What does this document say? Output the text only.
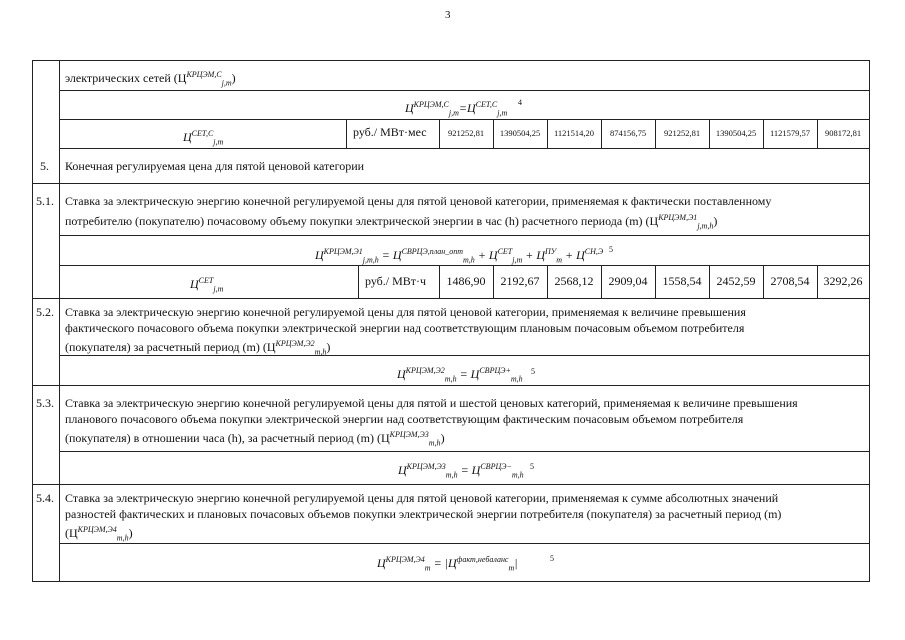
3
электрических сетей $(Ц^{КРЦЭМ,С}_{j,m})$
$Ц^{КРЦЭМ,С}_{j,m}=Ц^{СЕТ,С}_{j,m}$
4
$Ц^{СЕТ,С}_{j,m}$
руб./ МВт·мес	921252,81	1390504,25	1121514,20	874156,75	921252,81	1390504,25	1121579,57	908172,81
5. Конечная регулируемая цена для пятой ценовой категории
5.1. Ставка за электрическую энергию конечной регулируемой цены для пятой ценовой категории, применяемая к фактически поставленному
потребителю (покупателю) почасовому объему покупки электрической энергии в час (h) расчетного периода (m) $(Ц^{КРЦЭМ,Э1}_{j,m,h})$
$Ц^{КРЦЭМ,Э1}_{j,m,h} = Ц^{СВРЦЭ,план\_опт}_{m,h} + Ц^{СЕТ}_{j,m} + Ц^{ПУ}_m + Ц^{СН,Э}$ 5
$Ц^{СЕТ}_{j,m}$
руб./ МВт·ч	1486,90	2192,67	2568,12	2909,04	1558,54	2452,59	2708,54	3292,26
5.2. Ставка за электрическую энергию конечной регулируемой цены для пятой ценовой категории, применяемая к величине превышения
фактического почасового объема покупки электрической энергии над соответствующим плановым почасовым объемом потребителя
(покупателя) за расчетный период (m) $(Ц^{КРЦЭМ,Э2}_{m,h})$
$Ц^{КРЦЭМ,Э2}_{m,h} = Ц^{СВРЦЭ+}_{m,h}$
5
5.3. Ставка за электрическую энергию конечной регулируемой цены для пятой и шестой ценовых категорий, применяемая к величине превышения
планового почасового объема покупки электрической энергии над соответствующим фактическим почасовым объемом потребителя
(покупателя) в отношении часа (h), за расчетный период (m) $(Ц^{КРЦЭМ,Э3}_{m,h})$
$Ц^{КРЦЭМ,Э3}_{m,h} = Ц^{СВРЦЭ-}_{m,h}$
5
5.4. Ставка за электрическую энергию конечной регулируемой цены для пятой ценовой категории, применяемая к сумме абсолютных значений
разностей фактических и плановых почасовых объемов покупки электрической энергии потребителя (покупателя) за расчетный период (m)
$(Ц^{КРЦЭМ,Э4}_{m,h})$
$Ц^{КРЦЭМ,Э4}_m = |Ц^{факт,небаланс}_m|$	5
